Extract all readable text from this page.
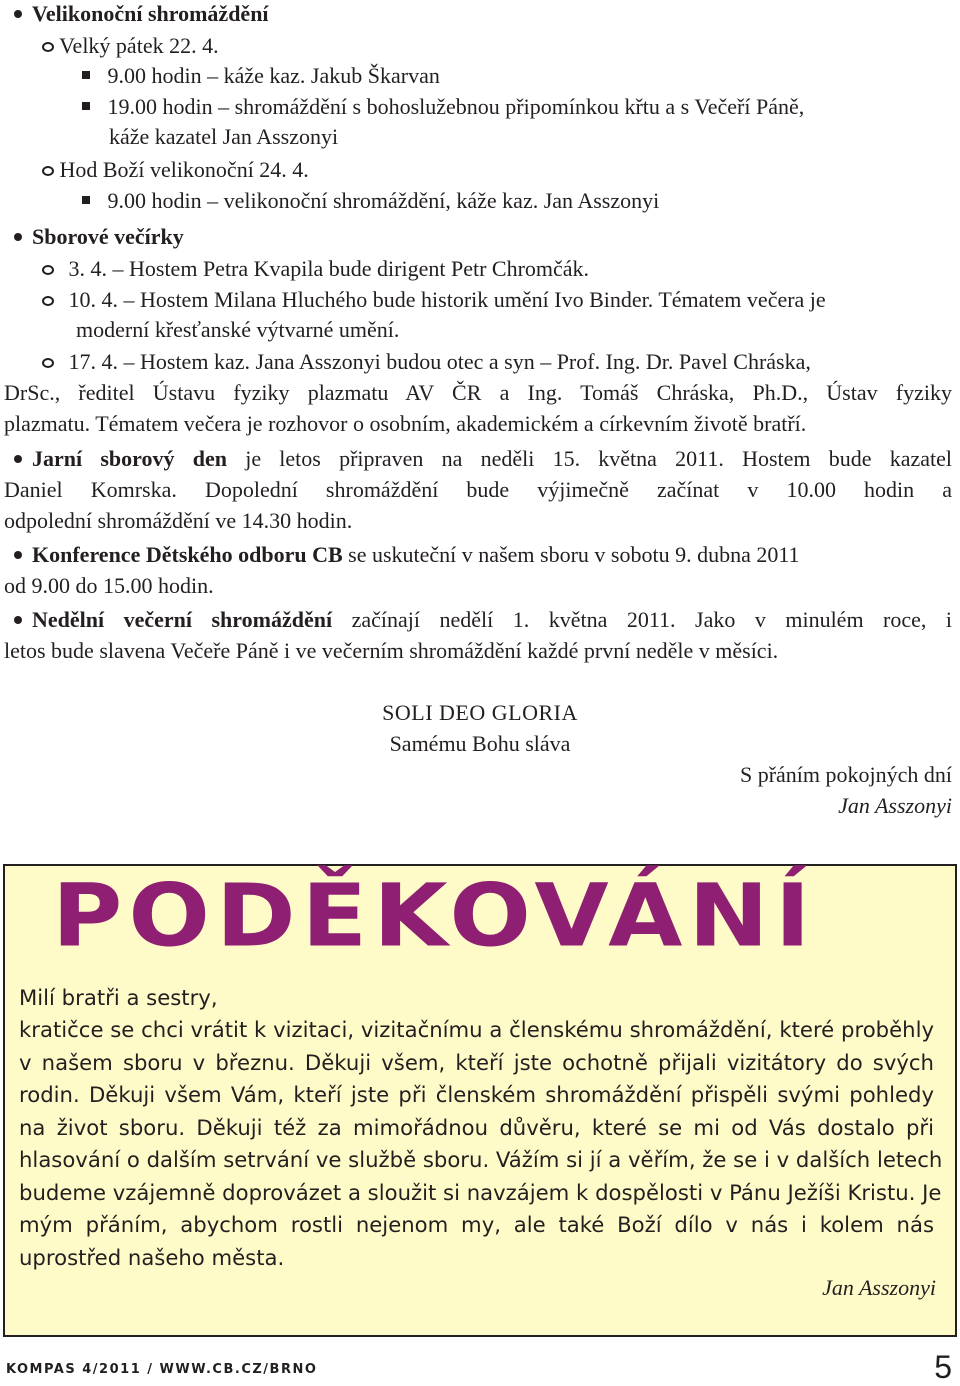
Velikonoční shromáždění
Velký pátek 22. 4.
9.00 hodin – káže kaz. Jakub Škarvan
19.00 hodin – shromáždění s bohoslužebnou připomínkou křtu a s Večeří Páně,
káže kazatel Jan Asszonyi
Hod Boží velikonoční 24. 4.
9.00 hodin – velikonoční shromáždění, káže kaz. Jan Asszonyi
Sborové večírky
3. 4. – Hostem Petra Kvapila bude dirigent Petr Chromčák.
10. 4. – Hostem Milana Hluchého bude historik umění Ivo Binder. Tématem večera je
moderní křesťanské výtvarné umění.
17. 4. – Hostem kaz. Jana Asszonyi budou otec a syn – Prof. Ing. Dr. Pavel Chráska,
DrSc., ředitel Ústavu fyziky plazmatu AV ČR a Ing. Tomáš Chráska, Ph.D., Ústav fyziky
plazmatu. Tématem večera je rozhovor o osobním, akademickém a církevním životě bratří.
Jarní sborový den je letos připraven na neděli 15. května 2011. Hostem bude kazatel
Daniel Komrska. Dopolední shromáždění bude výjimečně začínat v 10.00 hodin a
odpolední shromáždění ve 14.30 hodin.
Konference Dětského odboru CB se uskuteční v našem sboru v sobotu 9. dubna 2011
od 9.00 do 15.00 hodin.
Nedělní večerní shromáždění začínají nedělí 1. května 2011. Jako v minulém roce, i
letos bude slavena Večeře Páně i ve večerním shromáždění každé první neděle v měsíci.
SOLI DEO GLORIA
Samému Bohu sláva
S přáním pokojných dní
Jan Asszonyi
PODĚKOVÁNÍ
Milí bratři a sestry,
kratičce se chci vrátit k vizitaci, vizitačnímu a členskému shromáždění, které proběhly
v našem sboru v březnu. Děkuji všem, kteří jste ochotně přijali vizitátory do svých
rodin. Děkuji všem Vám, kteří jste při členském shromáždění přispěli svými pohledy
na život sboru. Děkuji též za mimořádnou důvěru, které se mi od Vás dostalo při
hlasování o dalším setrvání ve službě sboru. Vážím si jí a věřím, že se i v dalších letech
budeme vzájemně doprovázet a sloužit si navzájem k dospělosti v Pánu Ježíši Kristu. Je
mým přáním, abychom rostli nejenom my, ale také Boží dílo v nás i kolem nás
uprostřed našeho města.
Jan Asszonyi
KOMPAS 4/2011 / WWW.CB.CZ/BRNO	5
